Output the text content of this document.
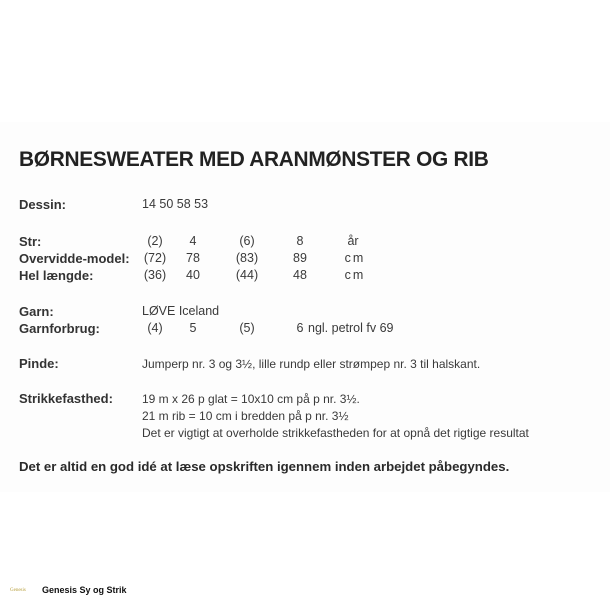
BØRNESWEATER MED ARANMØNSTER OG RIB
Dessin:	14 50 58 53
Str:	(2)	4	(6)	8	år
Overvidde-model:	(72)	78	(83)	89	cm
Hel længde:	(36)	40	(44)	48	cm
Garn:	LØVE Iceland
Garnforbrug:	(4)	5	(5)	6 ngl. petrol fv 69
Pinde:	Jumperp nr. 3 og 3½, lille rundp eller strømpep nr. 3 til halskant.
Strikkefasthed: 19 m x 26 p glat = 10x10 cm på p nr. 3½.
21 m rib = 10 cm i bredden på p nr. 3½
Det er vigtigt at overholde strikkefastheden for at opnå det rigtige resultat
Det er altid en god idé at læse opskriften igennem inden arbejdet påbegyndes.
Genesis	Genesis Sy og Strik
